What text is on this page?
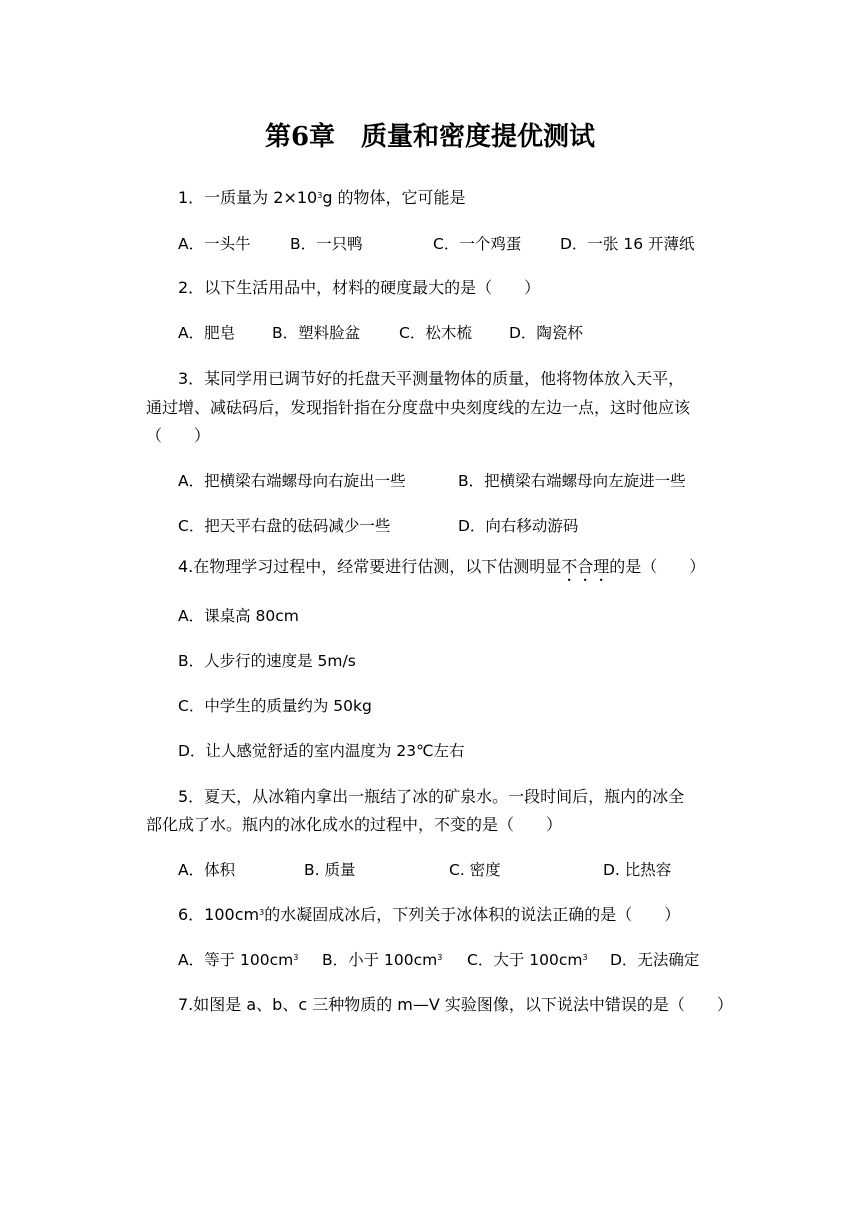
第6章　质量和密度提优测试
1．一质量为 $2\times 10^3g$ 的物体，它可能是
A．一头牛	B．一只鸭	C．一个鸡蛋 D．一张 16 开薄纸
2．以下生活用品中，材料的硬度最大的是（　　）
A．肥皂 B．塑料脸盆	C．松木梳 D．陶瓷杯
3．某同学用已调节好的托盘天平测量物体的质量，他将物体放入天平，
通过增、减砝码后，发现指针指在分度盘中央刻度线的左边一点，这时他应该
（　　）
A．把横梁右端螺母向右旋出一些	B．把横梁右端螺母向左旋进一些
C．把天平右盘的砝码减少一些	D．向右移动游码
4.在物理学习过程中，经常要进行估测，以下估测明显不合理的是（　　）
A．课桌高 80cm
B．人步行的速度是 5m/s
C．中学生的质量约为 50kg
D．让人感觉舒适的室内温度为 23℃左右
5．夏天，从冰箱内拿出一瓶结了冰的矿泉水。一段时间后，瓶内的冰全
部化成了水。瓶内的冰化成水的过程中，不变的是（　　）
A．体积	B. 质量	C. 密度	D. 比热容
6．$100cm^3$的水凝固成冰后，下列关于冰体积的说法正确的是（　　）
A．等于 $100cm^3$ B．小于 $100cm^3$ C．大于 $100cm^3$ D．无法确定
7.如图是 a、b、c 三种物质的 m—V 实验图像，以下说法中错误的是（　　）
